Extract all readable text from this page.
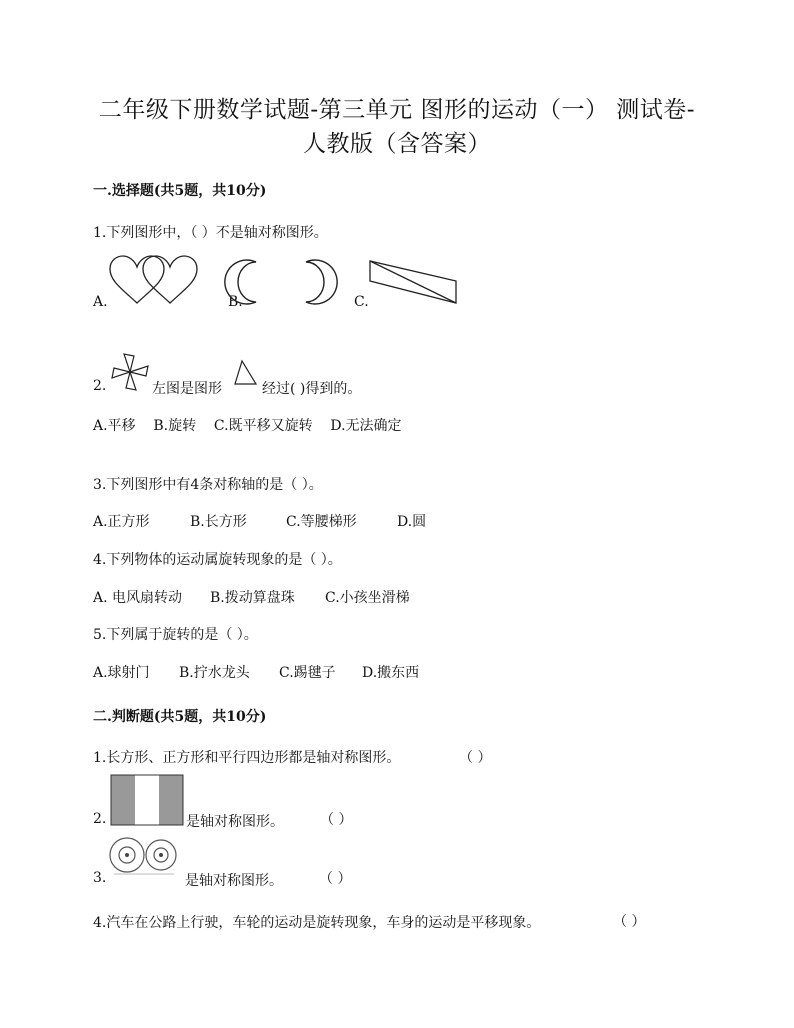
二年级下册数学试题-第三单元 图形的运动（一） 测试卷-
人教版（含答案）
一.选择题(共5题，共10分)
1.下列图形中，（ ）不是轴对称图形。
A.	B.	C.
2.	左图是图形	经过( )得到的。
A.平移    B.旋转    C.既平移又旋转    D.无法确定
3.下列图形中有4条对称轴的是（ ）。
A.正方形	B.长方形	C.等腰梯形	D.圆
4.下列物体的运动属旋转现象的是（ ）。
A. 电风扇转动 B.拨动算盘珠 C.小孩坐滑梯
5.下列属于旋转的是（ ）。
A.球射门 B.拧水龙头 C.踢毽子 D.搬东西
二.判断题(共5题，共10分)
1.长方形、正方形和平行四边形都是轴对称图形。	（ ）
2.	是轴对称图形。	（ ）
3.	是轴对称图形。	（ ）
4.汽车在公路上行驶，车轮的运动是旋转现象，车身的运动是平移现象。	（ ）
